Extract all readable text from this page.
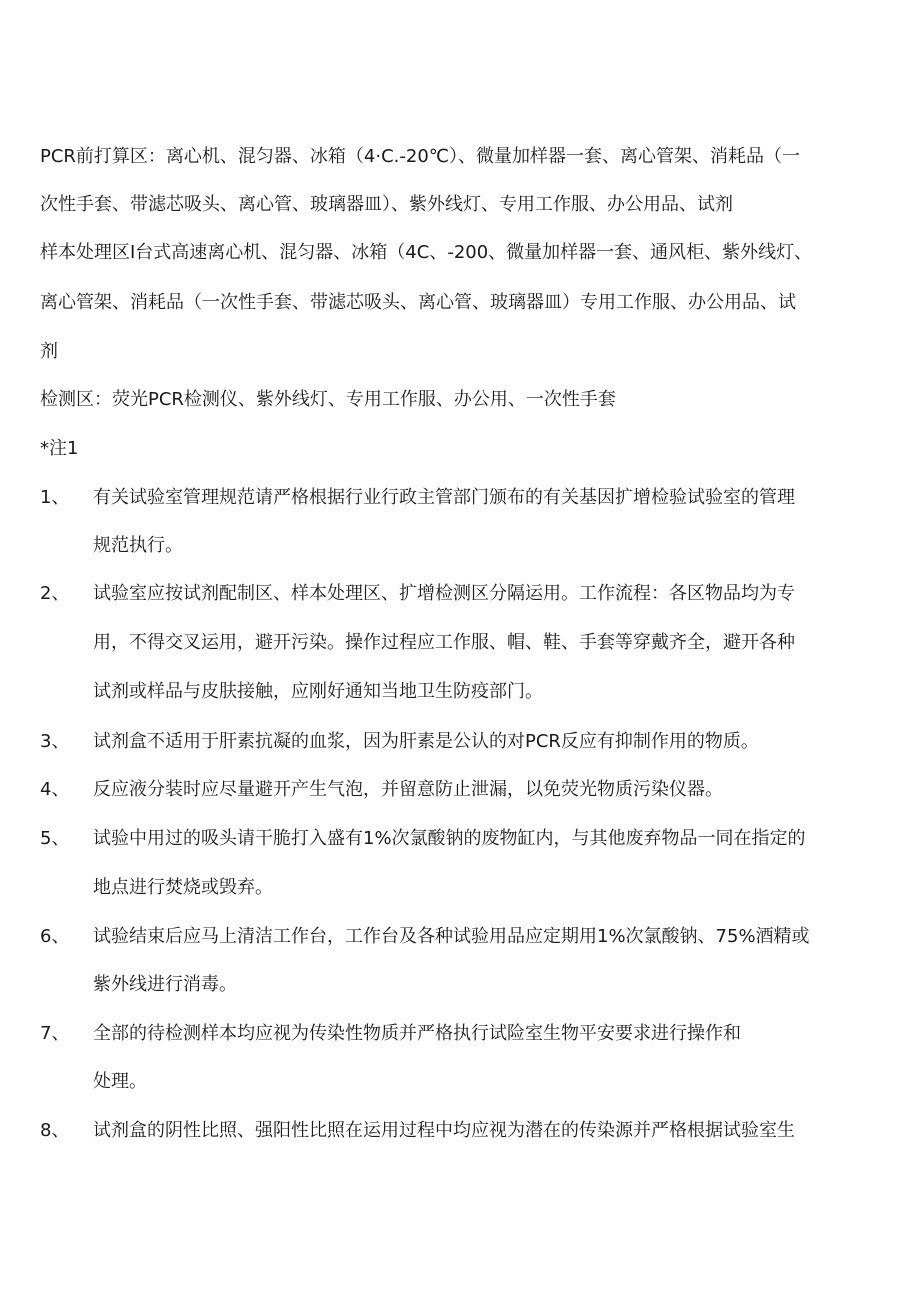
PCR前打算区：离心机、混匀器、冰箱（4·C.-20℃）、微量加样器一套、离心管架、消耗品（一
次性手套、带滤芯吸头、离心管、玻璃器皿）、紫外线灯、专用工作服、办公用品、试剂
样本处理区I台式高速离心机、混匀器、冰箱（4C、-200、微量加样器一套、通风柜、紫外线灯、
离心管架、消耗品（一次性手套、带滤芯吸头、离心管、玻璃器皿）专用工作服、办公用品、试
剂
检测区：荧光PCR检测仪、紫外线灯、专用工作服、办公用、一次性手套
*注1
1、 有关试验室管理规范请严格根据行业行政主管部门颁布的有关基因扩增检验试验室的管理
规范执行。
2、 试验室应按试剂配制区、样本处理区、扩增检测区分隔运用。工作流程：各区物品均为专
用，不得交叉运用，避开污染。操作过程应工作服、帽、鞋、手套等穿戴齐全，避开各种
试剂或样品与皮肤接触，应刚好通知当地卫生防疫部门。
3、 试剂盒不适用于肝素抗凝的血浆，因为肝素是公认的对PCR反应有抑制作用的物质。
4、 反应液分装时应尽量避开产生气泡，并留意防止泄漏，以免荧光物质污染仪器。
5、 试验中用过的吸头请干脆打入盛有1%次氯酸钠的废物缸内，与其他废弃物品一同在指定的
地点进行焚烧或毁弃。
6、 试验结束后应马上清洁工作台，工作台及各种试验用品应定期用1%次氯酸钠、75%酒精或
紫外线进行消毒。
7、 全部的待检测样本均应视为传染性物质并严格执行试险室生物平安要求进行操作和
处理。
8、 试剂盒的阴性比照、强阳性比照在运用过程中均应视为潜在的传染源并严格根据试验室生
